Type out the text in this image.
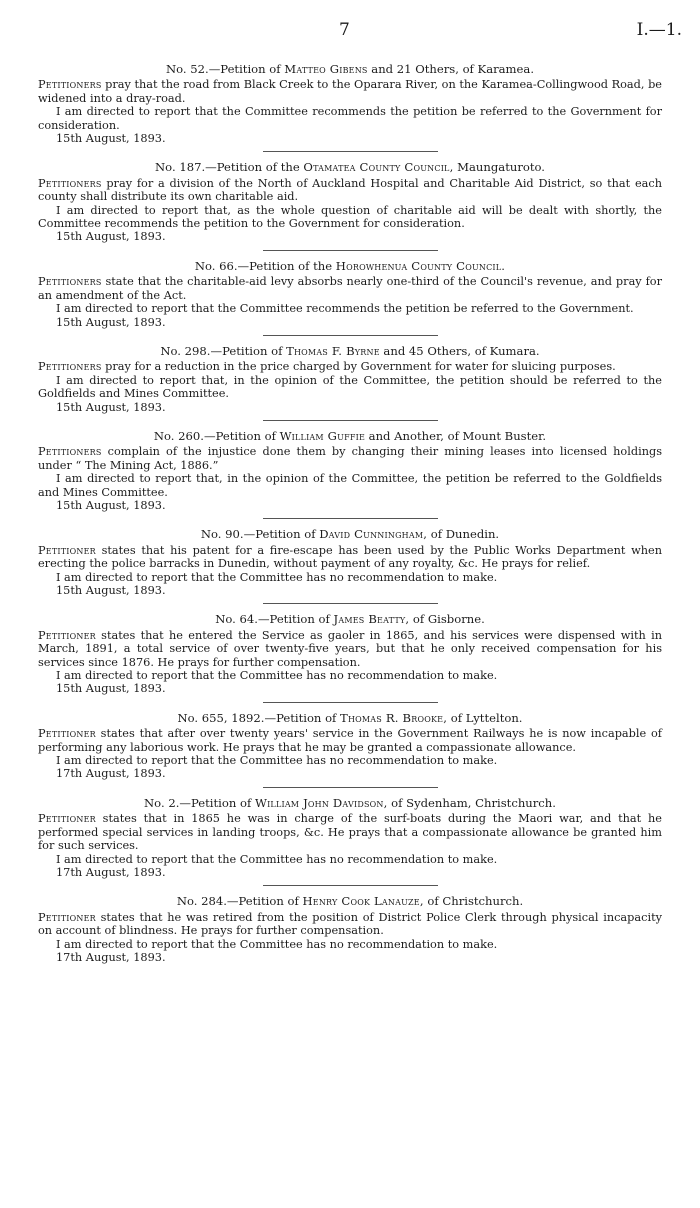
7	I.—1.

No. 52.—Petition of Matteo Gibens and 21 Others, of Karamea.

Petitioners pray that the road from Black Creek to the Oparara River, on the Karamea-Collingwood Road, be widened into a dray-road.

I am directed to report that the Committee recommends the petition be referred to the Government for consideration.

15th August, 1893.

No. 187.—Petition of the Otamatea County Council, Maungaturoto.

Petitioners pray for a division of the North of Auckland Hospital and Charitable Aid District, so that each county shall distribute its own charitable aid.

I am directed to report that, as the whole question of charitable aid will be dealt with shortly, the Committee recommends the petition to the Government for consideration.

15th August, 1893.

No. 66.—Petition of the Horowhenua County Council.

Petitioners state that the charitable-aid levy absorbs nearly one-third of the Council's revenue, and pray for an amendment of the Act.

I am directed to report that the Committee recommends the petition be referred to the Government.

15th August, 1893.

No. 298.—Petition of Thomas F. Byrne and 45 Others, of Kumara.

Petitioners pray for a reduction in the price charged by Government for water for sluicing purposes.

I am directed to report that, in the opinion of the Committee, the petition should be referred to the Goldfields and Mines Committee.

15th August, 1893.

No. 260.—Petition of William Guffie and Another, of Mount Buster.

Petitioners complain of the injustice done them by changing their mining leases into licensed holdings under “ The Mining Act, 1886.”

I am directed to report that, in the opinion of the Committee, the petition be referred to the Goldfields and Mines Committee.

15th August, 1893.

No. 90.—Petition of David Cunningham, of Dunedin.

Petitioner states that his patent for a fire-escape has been used by the Public Works Department when erecting the police barracks in Dunedin, without payment of any royalty, &c. He prays for relief.

I am directed to report that the Committee has no recommendation to make.

15th August, 1893.

No. 64.—Petition of James Beatty, of Gisborne.

Petitioner states that he entered the Service as gaoler in 1865, and his services were dispensed with in March, 1891, a total service of over twenty-five years, but that he only received compensation for his services since 1876. He prays for further compensation.

I am directed to report that the Committee has no recommendation to make.

15th August, 1893.

No. 655, 1892.—Petition of Thomas R. Brooke, of Lyttelton.

Petitioner states that after over twenty years' service in the Government Railways he is now incapable of performing any laborious work. He prays that he may be granted a compassionate allowance.

I am directed to report that the Committee has no recommendation to make.

17th August, 1893.

No. 2.—Petition of William John Davidson, of Sydenham, Christchurch.

Petitioner states that in 1865 he was in charge of the surf-boats during the Maori war, and that he performed special services in landing troops, &c. He prays that a compassionate allowance be granted him for such services.

I am directed to report that the Committee has no recommendation to make.

17th August, 1893.

No. 284.—Petition of Henry Cook Lanauze, of Christchurch.

Petitioner states that he was retired from the position of District Police Clerk through physical incapacity on account of blindness. He prays for further compensation.

I am directed to report that the Committee has no recommendation to make.

17th August, 1893.
